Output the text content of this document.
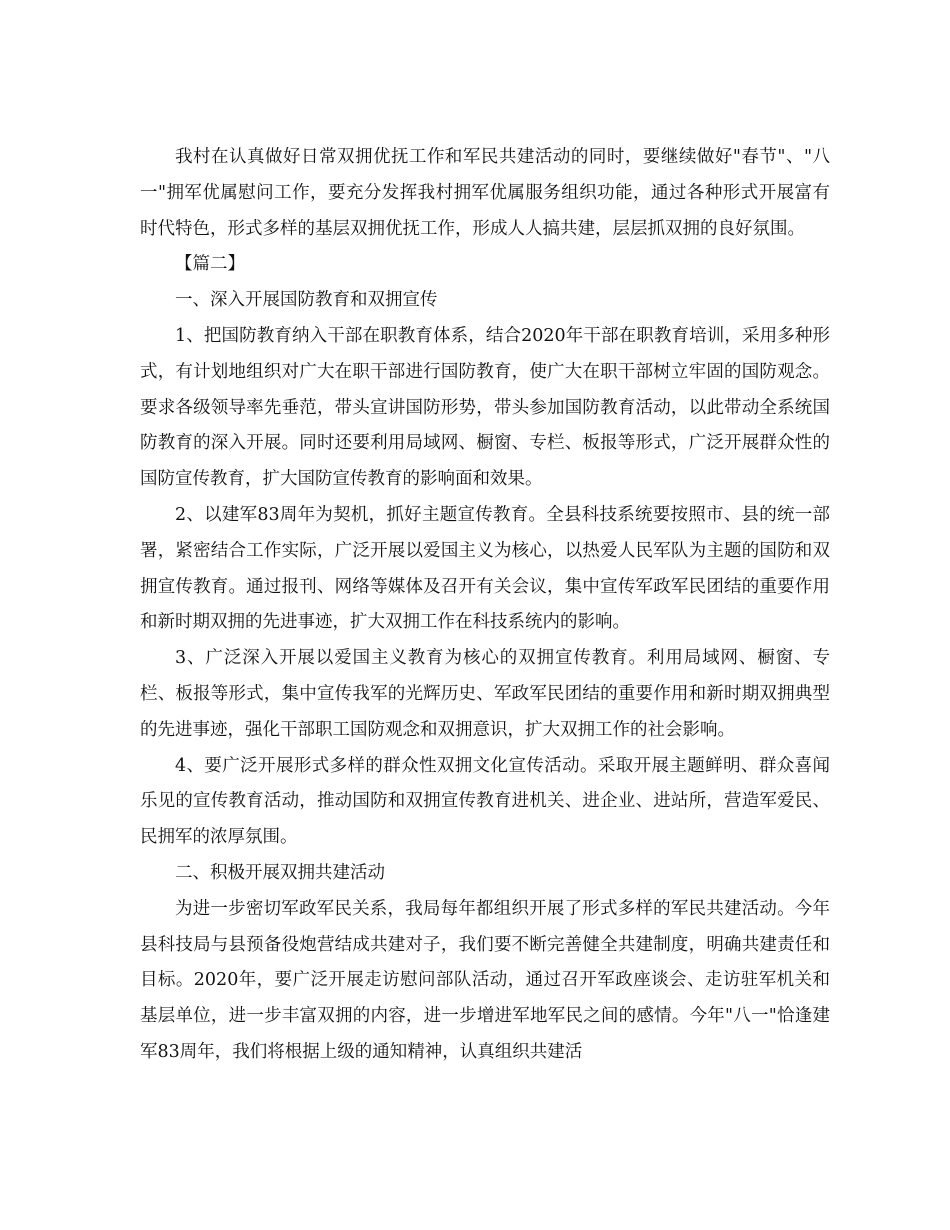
我村在认真做好日常双拥优抚工作和军民共建活动的同时，要继续做好"春节"、"八一"拥军优属慰问工作，要充分发挥我村拥军优属服务组织功能，通过各种形式开展富有时代特色，形式多样的基层双拥优抚工作，形成人人搞共建，层层抓双拥的良好氛围。

【篇二】

一、深入开展国防教育和双拥宣传

1、把国防教育纳入干部在职教育体系，结合2020年干部在职教育培训，采用多种形式，有计划地组织对广大在职干部进行国防教育，使广大在职干部树立牢固的国防观念。要求各级领导率先垂范，带头宣讲国防形势，带头参加国防教育活动，以此带动全系统国防教育的深入开展。同时还要利用局域网、橱窗、专栏、板报等形式，广泛开展群众性的国防宣传教育，扩大国防宣传教育的影响面和效果。

2、以建军83周年为契机，抓好主题宣传教育。全县科技系统要按照市、县的统一部署，紧密结合工作实际，广泛开展以爱国主义为核心，以热爱人民军队为主题的国防和双拥宣传教育。通过报刊、网络等媒体及召开有关会议，集中宣传军政军民团结的重要作用和新时期双拥的先进事迹，扩大双拥工作在科技系统内的影响。

3、广泛深入开展以爱国主义教育为核心的双拥宣传教育。利用局域网、橱窗、专栏、板报等形式，集中宣传我军的光辉历史、军政军民团结的重要作用和新时期双拥典型的先进事迹，强化干部职工国防观念和双拥意识，扩大双拥工作的社会影响。

4、要广泛开展形式多样的群众性双拥文化宣传活动。采取开展主题鲜明、群众喜闻乐见的宣传教育活动，推动国防和双拥宣传教育进机关、进企业、进站所，营造军爱民、民拥军的浓厚氛围。

二、积极开展双拥共建活动

为进一步密切军政军民关系，我局每年都组织开展了形式多样的军民共建活动。今年县科技局与县预备役炮营结成共建对子，我们要不断完善健全共建制度，明确共建责任和目标。2020年，要广泛开展走访慰问部队活动，通过召开军政座谈会、走访驻军机关和基层单位，进一步丰富双拥的内容，进一步增进军地军民之间的感情。今年"八一"恰逢建军83周年，我们将根据上级的通知精神，认真组织共建活
